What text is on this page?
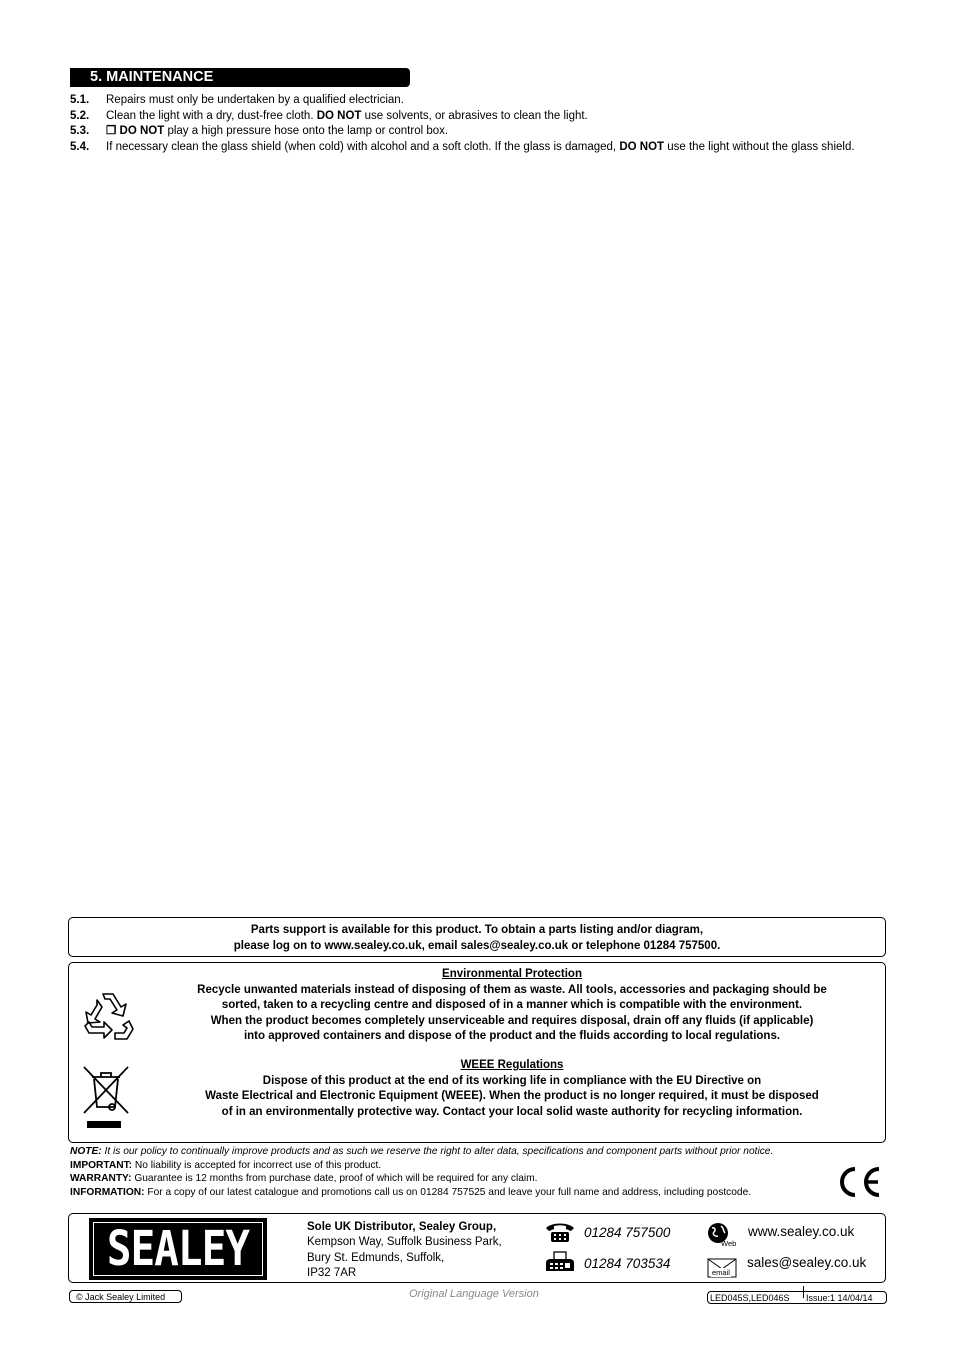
5. MAINTENANCE
5.1.	Repairs must only be undertaken by a qualified electrician.
5.2.	Clean the light with a dry, dust-free cloth. DO NOT use solvents, or abrasives to clean the light.
5.3.	❒ DO NOT play a high pressure hose onto the lamp or control box.
5.4.	If necessary clean the glass shield (when cold) with alcohol and a soft cloth. If the glass is damaged, DO NOT use the light without the glass shield.
Parts support is available for this product. To obtain a parts listing and/or diagram,
please log on to www.sealey.co.uk, email sales@sealey.co.uk or telephone 01284 757500.
Environmental Protection
Recycle unwanted materials instead of disposing of them as waste. All tools, accessories and packaging should be
sorted, taken to a recycling centre and disposed of in a manner which is compatible with the environment.
When the product becomes completely unserviceable and requires disposal, drain off any fluids (if applicable)
into approved containers and dispose of the product and the fluids according to local regulations.
WEEE Regulations
Dispose of this product at the end of its working life in compliance with the EU Directive on
Waste Electrical and Electronic Equipment (WEEE). When the product is no longer required, it must be disposed
of in an environmentally protective way. Contact your local solid waste authority for recycling information.
NOTE: It is our policy to continually improve products and as such we reserve the right to alter data, specifications and component parts without prior notice.
IMPORTANT: No liability is accepted for incorrect use of this product.
WARRANTY: Guarantee is 12 months from purchase date, proof of which will be required for any claim.
INFORMATION: For a copy of our latest catalogue and promotions call us on 01284 757525 and leave your full name and address, including postcode.
SEALEY	Sole UK Distributor, Sealey Group,
Kempson Way, Suffolk Business Park,
Bury St. Edmunds, Suffolk,
IP32 7AR
01284 757500
01284 703534
Web
www.sealey.co.uk
email
sales@sealey.co.uk
© Jack Sealey Limited	Original Language Version	LED045S,LED046S Issue:1 14/04/14
